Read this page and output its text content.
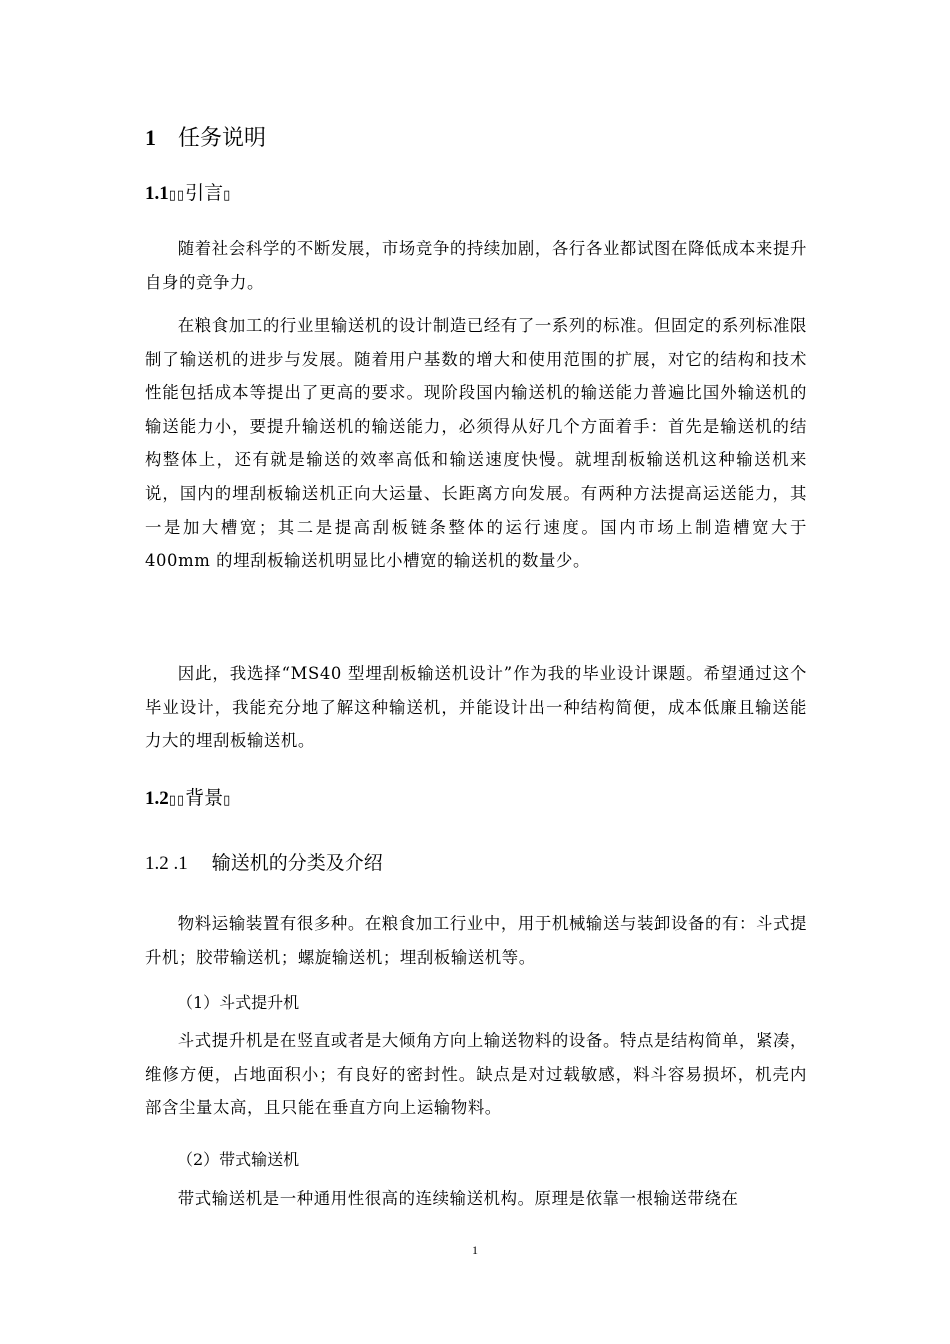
1 任务说明
1.1▯▯引言▯

随着社会科学的不断发展，市场竞争的持续加剧，各行各业都试图在降低成本来提升自身的竞争力。

在粮食加工的行业里输送机的设计制造已经有了一系列的标准。但固定的系列标准限制了输送机的进步与发展。随着用户基数的增大和使用范围的扩展，对它的结构和技术性能包括成本等提出了更高的要求。现阶段国内输送机的输送能力普遍比国外输送机的输送能力小，要提升输送机的输送能力，必须得从好几个方面着手：首先是输送机的结构整体上，还有就是输送的效率高低和输送速度快慢。就埋刮板输送机这种输送机来说，国内的埋刮板输送机正向大运量、长距离方向发展。有两种方法提高运送能力，其一是加大槽宽；其二是提高刮板链条整体的运行速度。国内市场上制造槽宽大于 400mm 的埋刮板输送机明显比小槽宽的输送机的数量少。

因此，我选择“MS40 型埋刮板输送机设计”作为我的毕业设计课题。希望通过这个毕业设计，我能充分地了解这种输送机，并能设计出一种结构简便，成本低廉且输送能力大的埋刮板输送机。

1.2▯▯背景▯
1.2 .1 输送机的分类及介绍

物料运输装置有很多种。在粮食加工行业中，用于机械输送与装卸设备的有：斗式提升机；胶带输送机；螺旋输送机；埋刮板输送机等。

（1）斗式提升机

斗式提升机是在竖直或者是大倾角方向上输送物料的设备。特点是结构简单，紧凑，维修方便，占地面积小；有良好的密封性。缺点是对过载敏感，料斗容易损坏，机壳内部含尘量太高，且只能在垂直方向上运输物料。

（2）带式输送机

带式输送机是一种通用性很高的连续输送机构。原理是依靠一根输送带绕在

1
